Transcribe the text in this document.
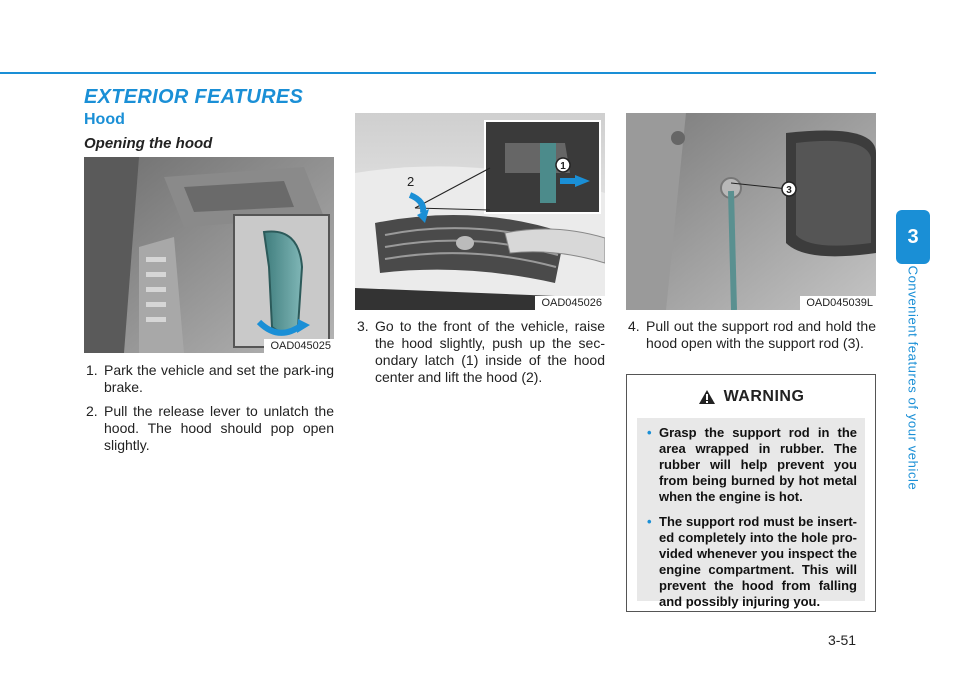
EXTERIOR FEATURES
Hood
Opening the hood
OAD045025
1
2
OAD045026
3
OAD045039L
1. Park the vehicle and set the park-ing brake.
2. Pull the release lever to unlatch the hood. The hood should pop open slightly.
3. Go to the front of the vehicle, raise the hood slightly, push up the sec-ondary latch (1) inside of the hood center and lift the hood (2).
4. Pull out the support rod and hold the hood open with the support rod (3).
WARNING
• Grasp the support rod in the area wrapped in rubber. The rubber will help prevent you from being burned by hot metal when the engine is hot.
• The support rod must be insert-ed completely into the hole pro-vided whenever you inspect the engine compartment. This will prevent the hood from falling and possibly injuring you.
3
Convenient features of your vehicle
3-51
